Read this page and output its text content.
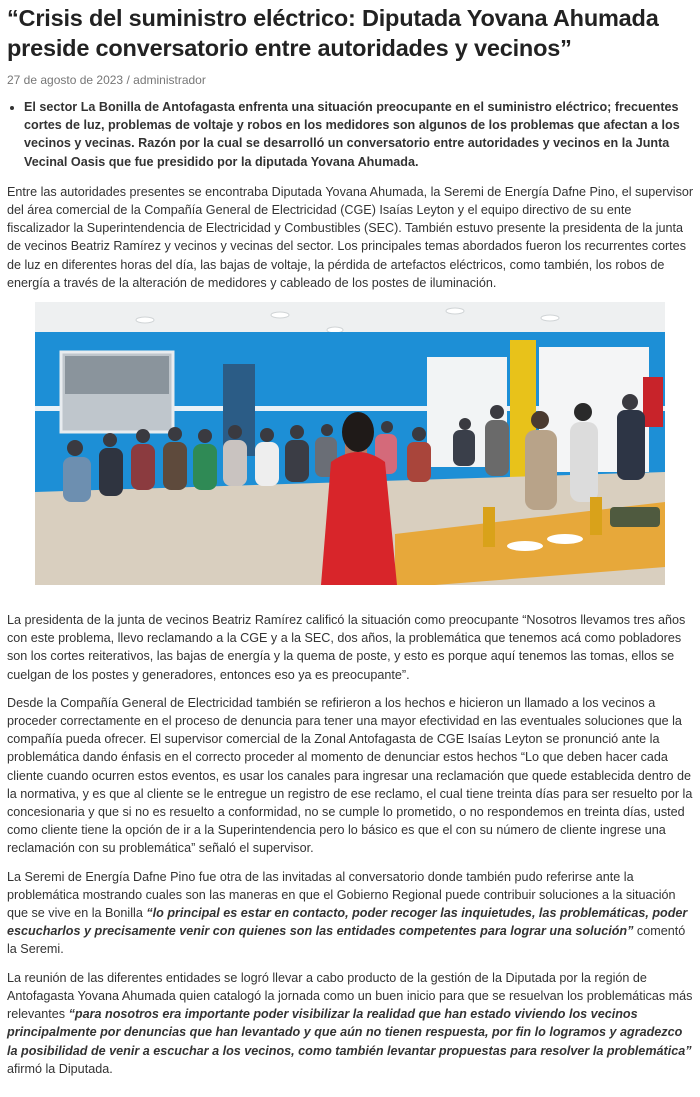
“Crisis del suministro eléctrico: Diputada Yovana Ahumada preside conversatorio entre autoridades y vecinos”
27 de agosto de 2023 / administrador
• El sector La Bonilla de Antofagasta enfrenta una situación preocupante en el suministro eléctrico; frecuentes cortes de luz, problemas de voltaje y robos en los medidores son algunos de los problemas que afectan a los vecinos y vecinas. Razón por la cual se desarrolló un conversatorio entre autoridades y vecinos en la Junta Vecinal Oasis que fue presidido por la diputada Yovana Ahumada.

Entre las autoridades presentes se encontraba Diputada Yovana Ahumada, la Seremi de Energía Dafne Pino, el supervisor del área comercial de la Compañía General de Electricidad (CGE) Isaías Leyton y el equipo directivo de su ente fiscalizador la Superintendencia de Electricidad y Combustibles (SEC). También estuvo presente la presidenta de la junta de vecinos Beatriz Ramírez y vecinos y vecinas del sector. Los principales temas abordados fueron los recurrentes cortes de luz en diferentes horas del día, las bajas de voltaje, la pérdida de artefactos eléctricos, como también, los robos de energía a través de la alteración de medidores y cableado de los postes de iluminación.

La presidenta de la junta de vecinos Beatriz Ramírez calificó la situación como preocupante “Nosotros llevamos tres años con este problema, llevo reclamando a la CGE y a la SEC, dos años, la problemática que tenemos acá como pobladores son los cortes reiterativos, las bajas de energía y la quema de poste, y esto es porque aquí tenemos las tomas, ellos se cuelgan de los postes y generadores, entonces eso ya es preocupante”.

Desde la Compañía General de Electricidad también se refirieron a los hechos e hicieron un llamado a los vecinos a proceder correctamente en el proceso de denuncia para tener una mayor efectividad en las eventuales soluciones que la compañía pueda ofrecer. El supervisor comercial de la Zonal Antofagasta de CGE Isaías Leyton se pronunció ante la problemática dando énfasis en el correcto proceder al momento de denunciar estos hechos “Lo que deben hacer cada cliente cuando ocurren estos eventos, es usar los canales para ingresar una reclamación que quede establecida dentro de la normativa, y es que al cliente se le entregue un registro de ese reclamo, el cual tiene treinta días para ser resuelto por la concesionaria y que si no es resuelto a conformidad, no se cumple lo prometido, o no respondemos en treinta días, usted como cliente tiene la opción de ir a la Superintendencia pero lo básico es que el con su número de cliente ingrese una reclamación con su problemática” señaló el supervisor.

La Seremi de Energía Dafne Pino fue otra de las invitadas al conversatorio donde también pudo referirse ante la problemática mostrando cuales son las maneras en que el Gobierno Regional puede contribuir soluciones a la situación que se vive en la Bonilla “lo principal es estar en contacto, poder recoger las inquietudes, las problemáticas, poder escucharlos y precisamente venir con quienes son las entidades competentes para lograr una solución” comentó la Seremi.

La reunión de las diferentes entidades se logró llevar a cabo producto de la gestión de la Diputada por la región de Antofagasta Yovana Ahumada quien catalogó la jornada como un buen inicio para que se resuelvan los problemáticas más relevantes “para nosotros era importante poder visibilizar la realidad que han estado viviendo los vecinos principalmente por denuncias que han levantado y que aún no tienen respuesta, por fin lo logramos y agradezco la posibilidad de venir a escuchar a los vecinos, como también levantar propuestas para resolver la problemática” afirmó la Diputada.
